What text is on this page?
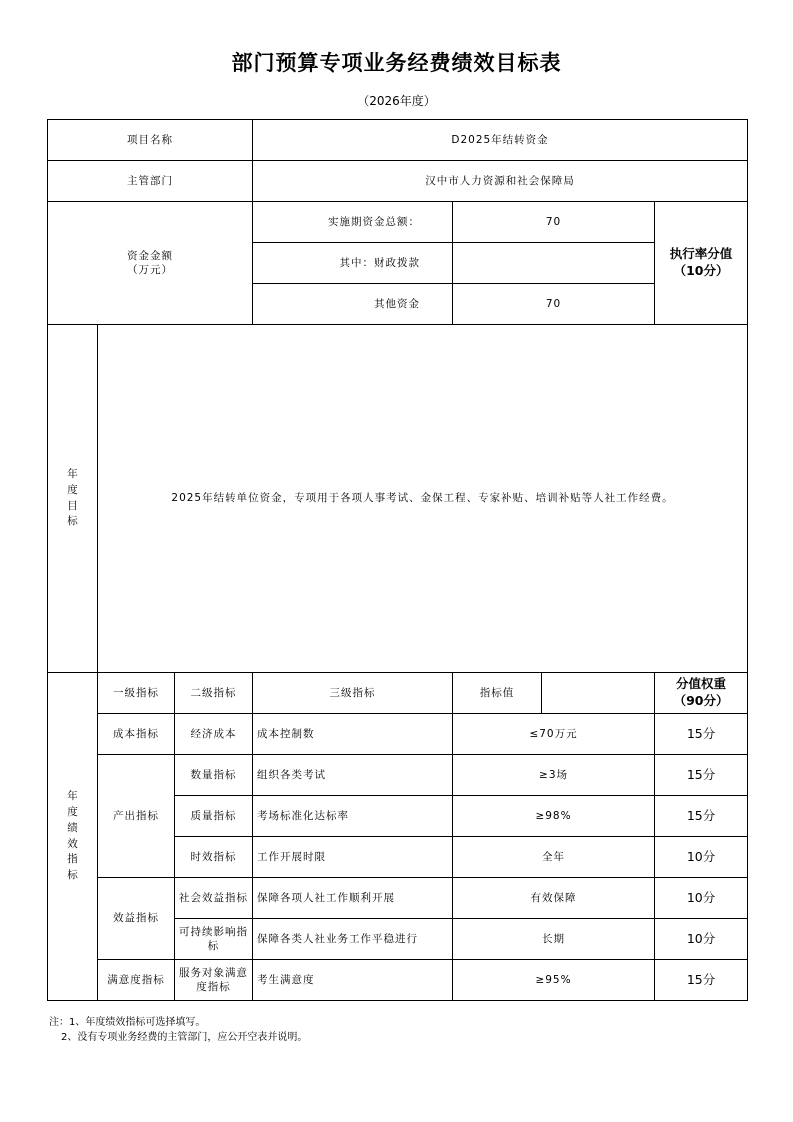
部门预算专项业务经费绩效目标表
（2026年度）
项目名称			D2025年结转资金			
主管部门			汉中市人力资源和社会保障局			
资金金额
（万元）			实施期资金总额：	70		执行率分值
（10分）
			其中：财政拨款			
			其他资金	70		
年度目标	2025年结转单位资金，专项用于各项人事考试、金保工程、专家补贴、培训补贴等人社工作经费。					
年度绩效指标	一级指标	二级指标	三级指标	指标值		分值权重
（90分）
	成本指标	经济成本	成本控制数	≤70万元		15分
	产出指标	数量指标	组织各类考试	≥3场		15分
		质量指标	考场标准化达标率	≥98%		15分
		时效指标	工作开展时限	全年		10分
	效益指标	社会效益指标	保障各项人社工作顺利开展	有效保障		10分
		可持续影响指标	保障各类人社业务工作平稳进行	长期		10分
	满意度指标	服务对象满意度指标	考生满意度	≥95%		15分
注：1、年度绩效指标可选择填写。
2、没有专项业务经费的主管部门，应公开空表并说明。
